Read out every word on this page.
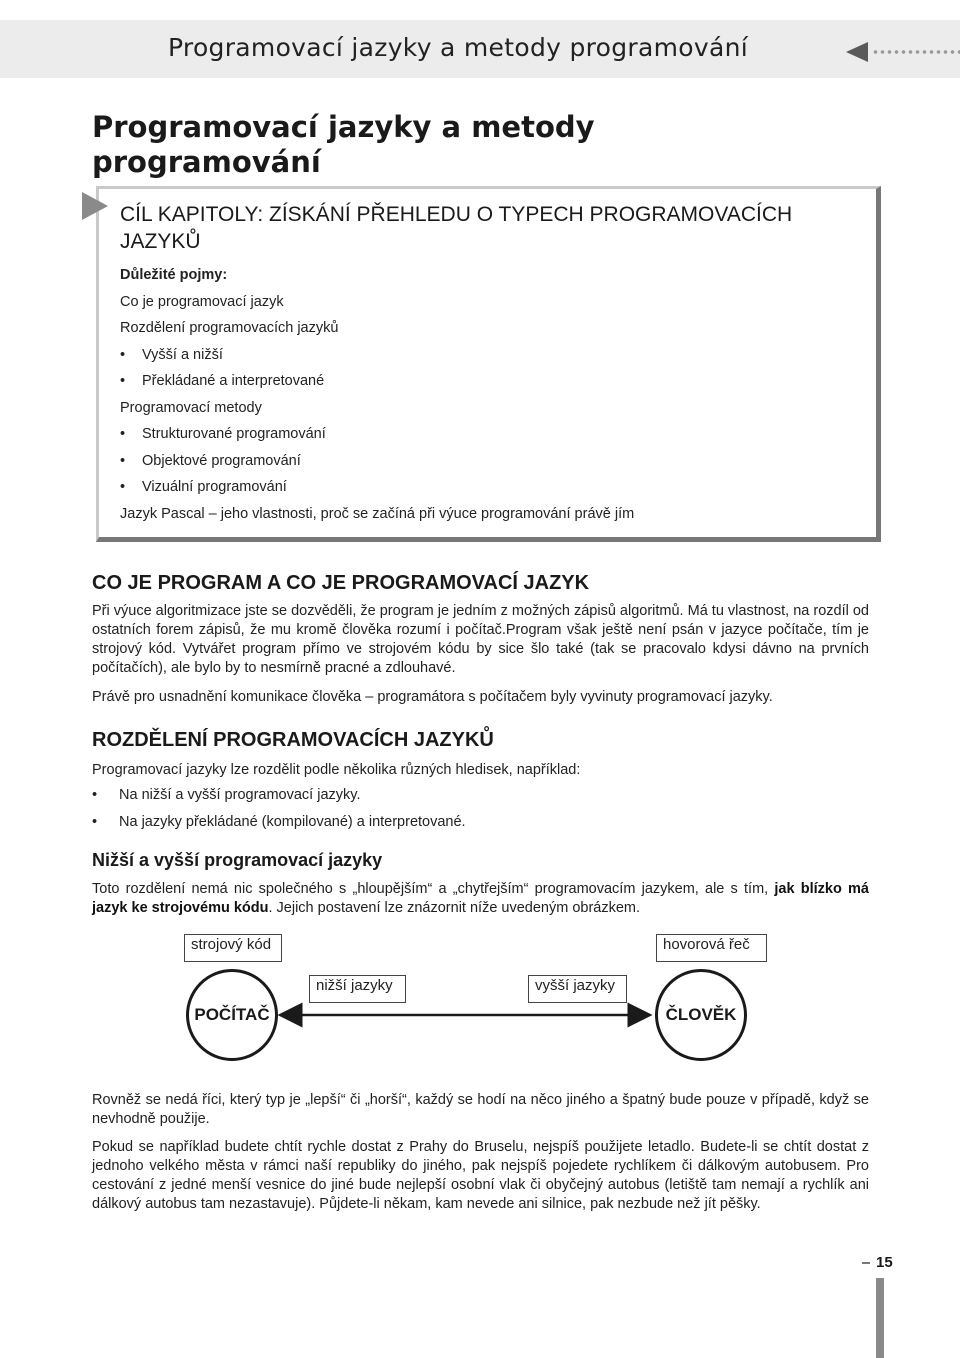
Programovací jazyky a metody programování
Programovací jazyky a metody programování
CÍL KAPITOLY: ZÍSKÁNÍ PŘEHLEDU O TYPECH PROGRAMOVACÍCH JAZYKŮ
Důležité pojmy:
Co je programovací jazyk
Rozdělení programovacích jazyků
• Vyšší a nižší
• Překládané a interpretované
Programovací metody
• Strukturované programování
• Objektové programování
• Vizuální programování
Jazyk Pascal – jeho vlastnosti, proč se začíná při výuce programování právě jím
CO JE PROGRAM A CO JE PROGRAMOVACÍ JAZYK

Při výuce algoritmizace jste se dozvěděli, že program je jedním z možných zápisů algoritmů. Má tu vlastnost, na rozdíl od ostatních forem zápisů, že mu kromě člověka rozumí i počítač.Program však ještě není psán v jazyce počítače, tím je strojový kód. Vytvářet program přímo ve strojovém kódu by sice šlo také (tak se pracovalo kdysi dávno na prvních počítačích), ale bylo by to nesmírně pracné a zdlouhavé.

Právě pro usnadnění komunikace člověka – programátora s počítačem byly vyvinuty programovací jazyky.

ROZDĚLENÍ PROGRAMOVACÍCH JAZYKŮ

Programovací jazyky lze rozdělit podle několika různých hledisek, například:

• Na nižší a vyšší programovací jazyky.
• Na jazyky překládané (kompilované) a interpretované.
Nižší a vyšší programovací jazyky

Toto rozdělení nemá nic společného s „hloupějším“ a „chytřejším“ programovacím jazykem, ale s tím, jak blízko má jazyk ke strojovému kódu. Jejich postavení lze znázornit níže uvedeným obrázkem.

strojový kód	hovorová řeč
nižší jazyky	vyšší jazyky
POČÍTAČ	ČLOVĚK

Rovněž se nedá říci, který typ je „lepší“ či „horší“, každý se hodí na něco jiného a špatný bude pouze v případě, když se nevhodně použije.

Pokud se například budete chtít rychle dostat z Prahy do Bruselu, nejspíš použijete letadlo. Budete-li se chtít dostat z jednoho velkého města v rámci naší republiky do jiného, pak nejspíš pojedete rychlíkem či dálkovým autobusem. Pro cestování z jedné menší vesnice do jiné bude nejlepší osobní vlak či obyčejný autobus (letiště tam nemají a rychlík ani dálkový autobus tam nezastavuje). Půjdete-li někam, kam nevede ani silnice, pak nezbude než jít pěšky.

15
